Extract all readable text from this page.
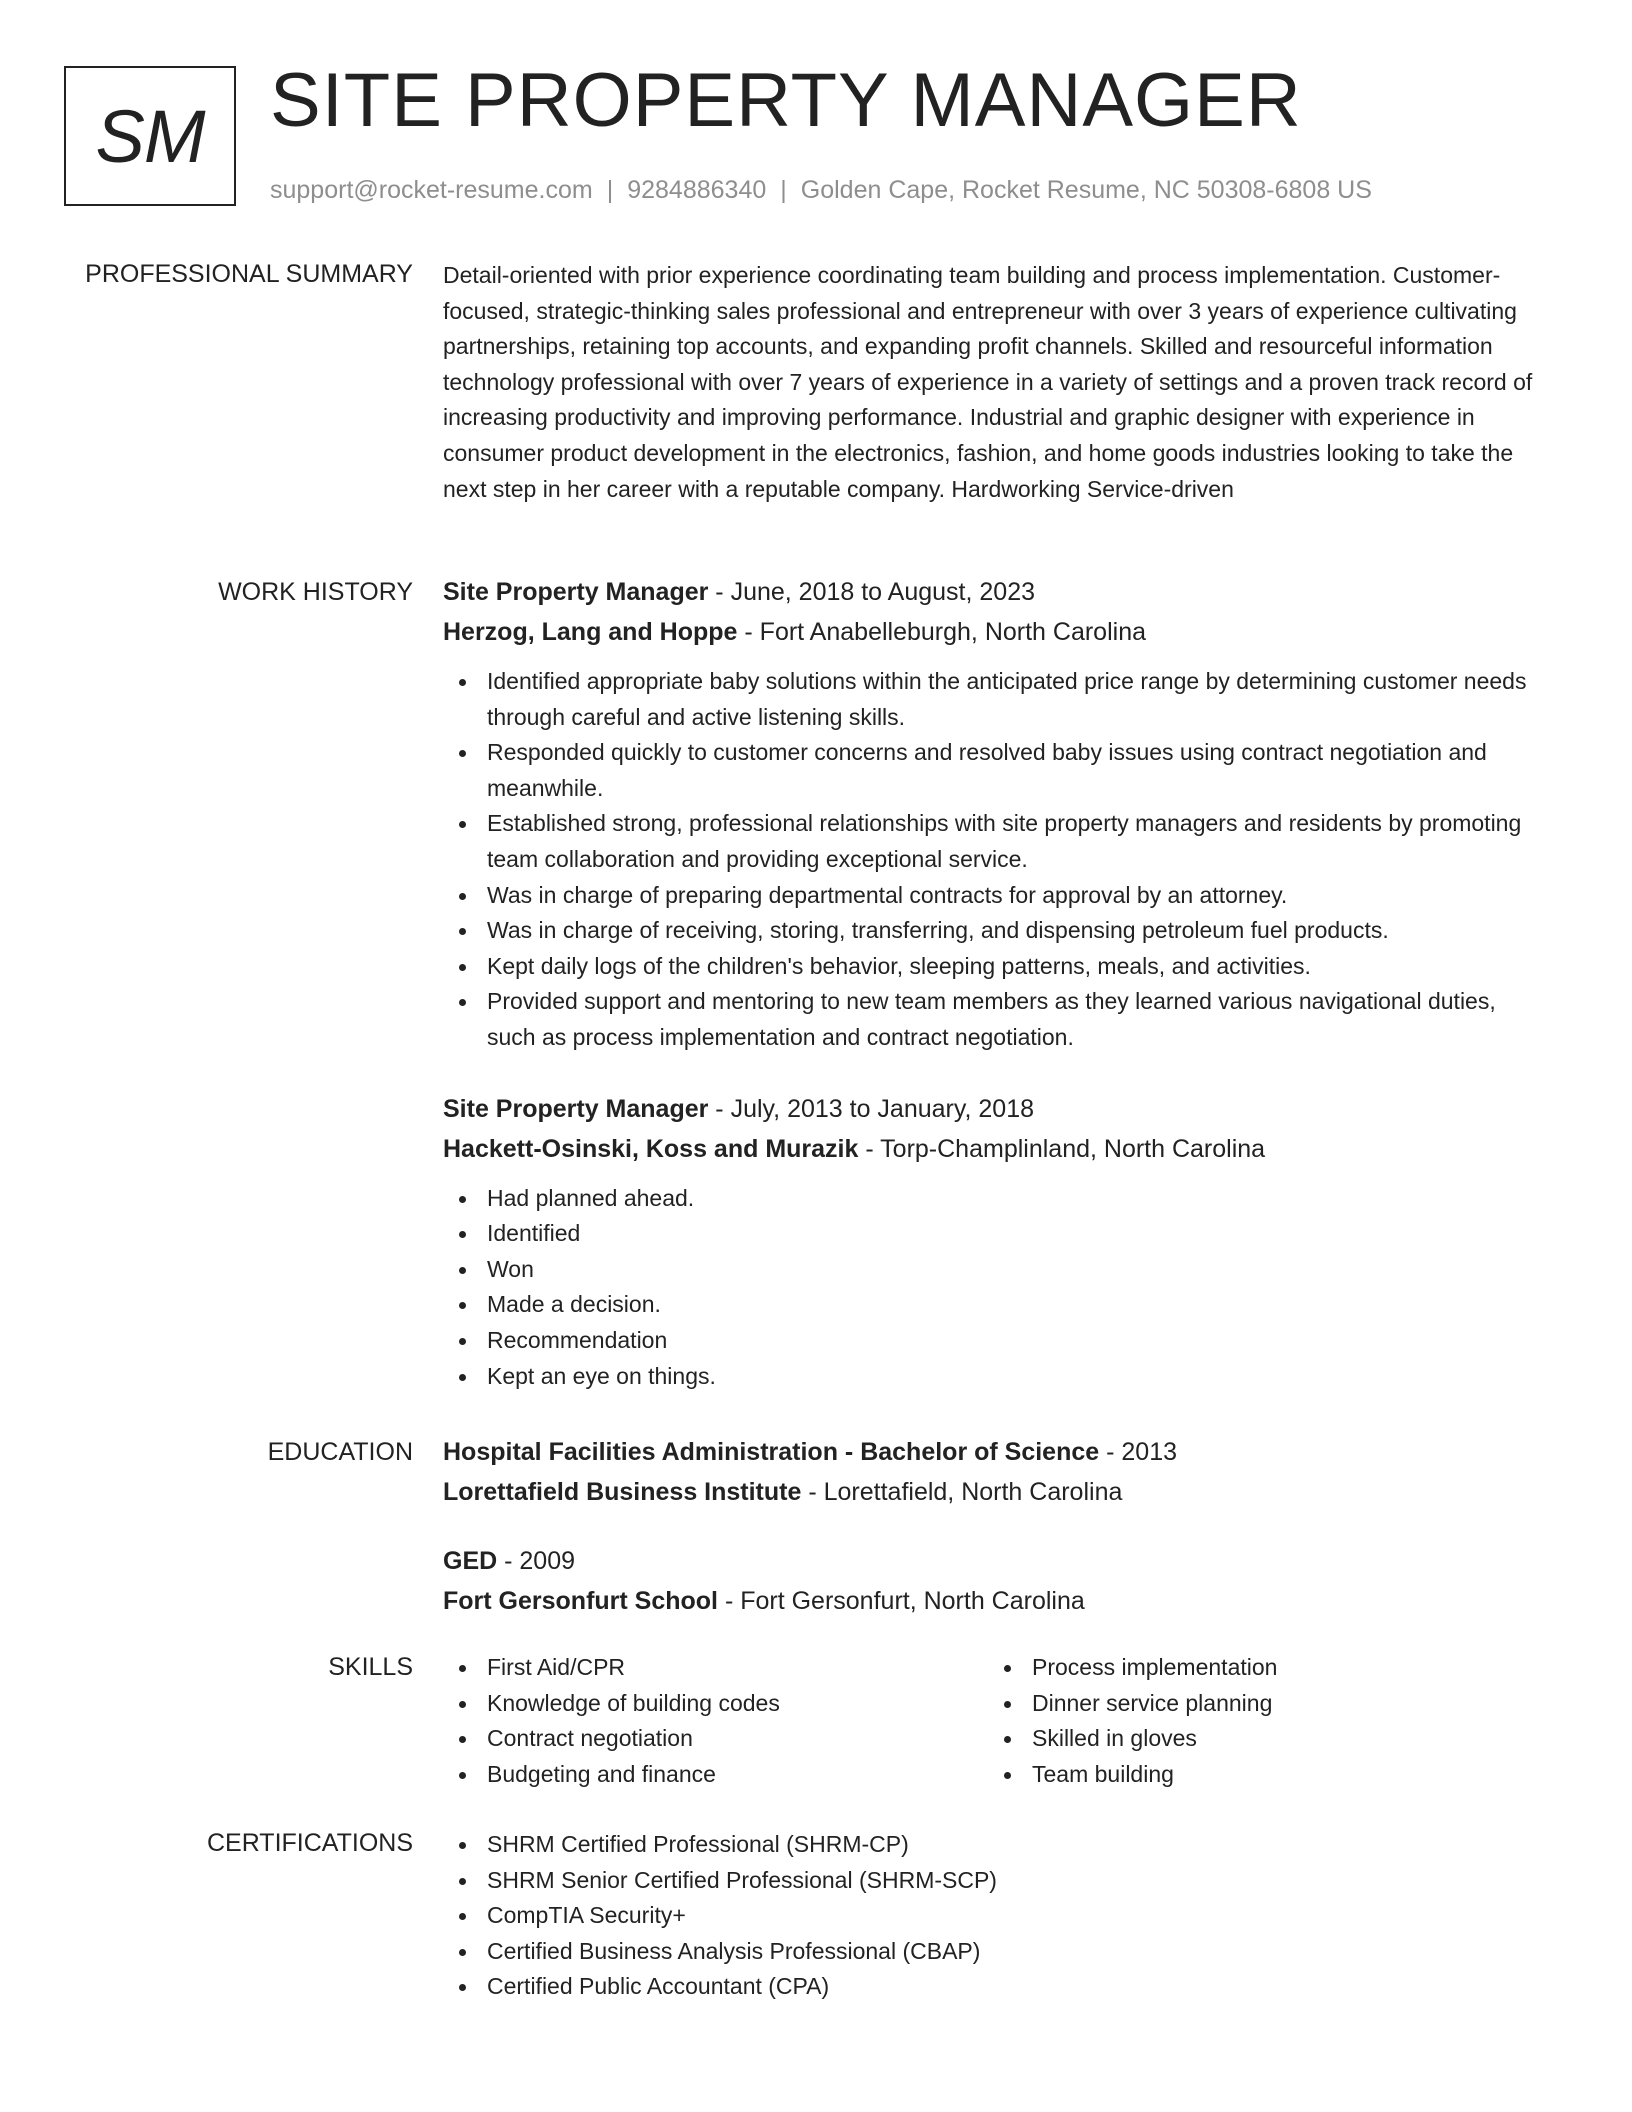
SM SITE PROPERTY MANAGER
support@rocket-resume.com | 9284886340 | Golden Cape, Rocket Resume, NC 50308-6808 US
PROFESSIONAL SUMMARY Detail-oriented with prior experience coordinating team building and process implementation. Customer-focused, strategic-thinking sales professional and entrepreneur with over 3 years of experience cultivating partnerships, retaining top accounts, and expanding profit channels. Skilled and resourceful information technology professional with over 7 years of experience in a variety of settings and a proven track record of increasing productivity and improving performance. Industrial and graphic designer with experience in consumer product development in the electronics, fashion, and home goods industries looking to take the next step in her career with a reputable company. Hardworking Service-driven

WORK HISTORY Site Property Manager - June, 2018 to August, 2023
Herzog, Lang and Hoppe - Fort Anabelleburgh, North Carolina
Identified appropriate baby solutions within the anticipated price range by determining customer needs through careful and active listening skills.
Responded quickly to customer concerns and resolved baby issues using contract negotiation and meanwhile.
Established strong, professional relationships with site property managers and residents by promoting team collaboration and providing exceptional service.
Was in charge of preparing departmental contracts for approval by an attorney.
Was in charge of receiving, storing, transferring, and dispensing petroleum fuel products.
Kept daily logs of the children's behavior, sleeping patterns, meals, and activities.
Provided support and mentoring to new team members as they learned various navigational duties, such as process implementation and contract negotiation.
Site Property Manager - July, 2013 to January, 2018
Hackett-Osinski, Koss and Murazik - Torp-Champlinland, North Carolina
Had planned ahead.
Identified
Won
Made a decision.
Recommendation
Kept an eye on things.
EDUCATION Hospital Facilities Administration - Bachelor of Science - 2013
Lorettafield Business Institute - Lorettafield, North Carolina
GED - 2009
Fort Gersonfurt School - Fort Gersonfurt, North Carolina
SKILLS	First Aid/CPR	Process implementation
Knowledge of building codes	Dinner service planning
Contract negotiation	Skilled in gloves
Budgeting and finance	Team building
CERTIFICATIONS	SHRM Certified Professional (SHRM-CP)
SHRM Senior Certified Professional (SHRM-SCP)
CompTIA Security+
Certified Business Analysis Professional (CBAP)
Certified Public Accountant (CPA)
